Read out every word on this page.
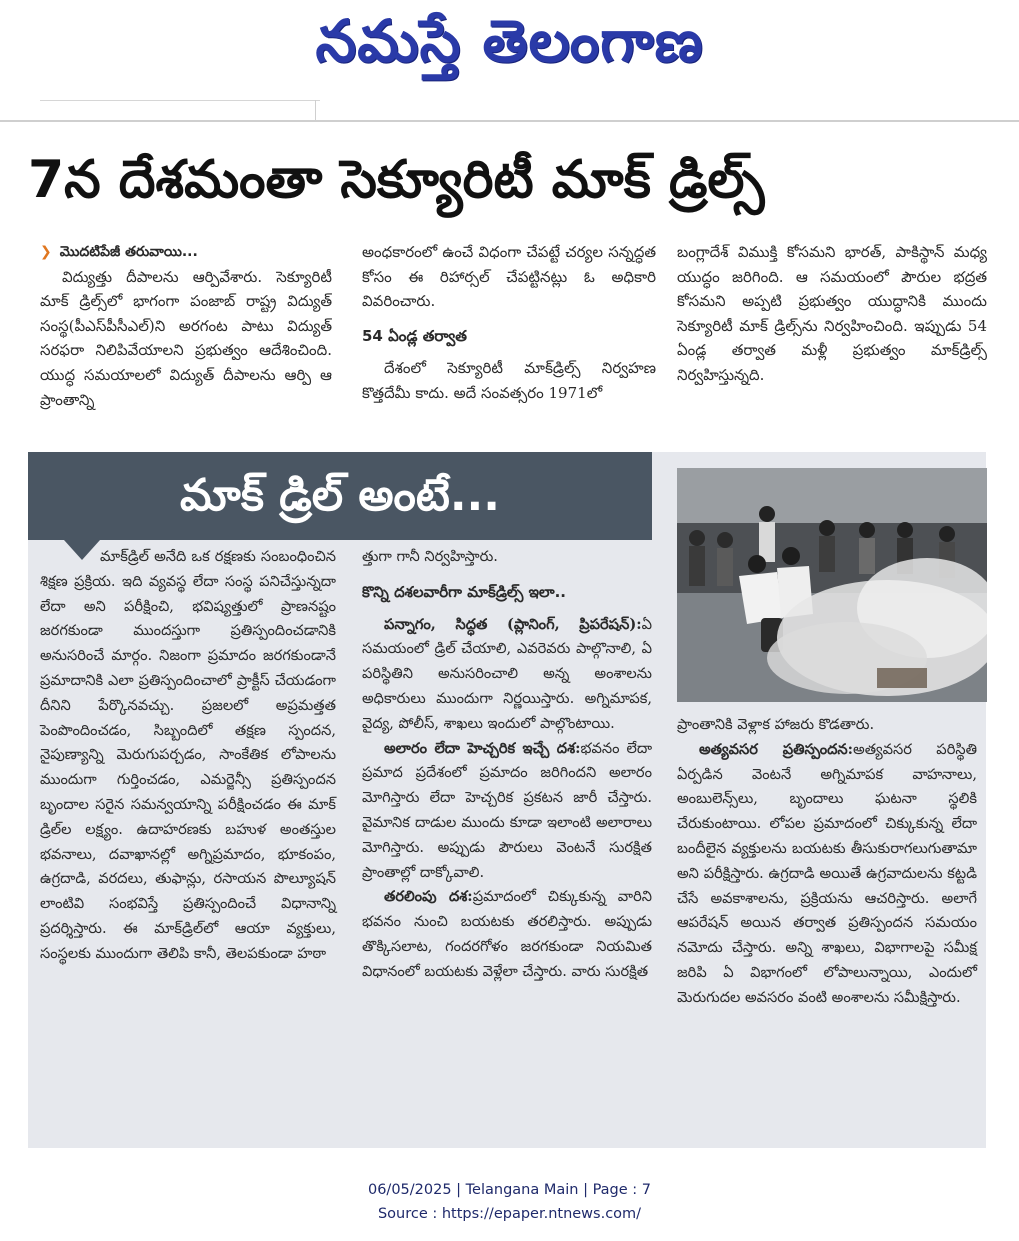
నమస్తే తెలంగాణ
7న దేశమంతా సెక్యూరిటీ మాక్ డ్రిల్స్

❯ మొదటిపేజీ తరువాయి...

విద్యుత్తు దీపాలను ఆర్పివేశారు. సెక్యూరిటీ మాక్ డ్రిల్స్‌లో భాగంగా పంజాబ్ రాష్ట్ర విద్యుత్ సంస్థ(పీఎస్‌పీసీఎల్)ని అరగంట పాటు విద్యుత్ సరఫరా నిలిపివేయాలని ప్రభుత్వం ఆదేశించింది. యుద్ధ సమయాలలో విద్యుత్ దీపాలను ఆర్పి ఆ ప్రాంతాన్ని

అంధకారంలో ఉంచే విధంగా చేపట్టే చర్యల సన్నద్ధత కోసం ఈ రిహార్సల్ చేపట్టినట్లు ఓ అధికారి వివరించారు.

54 ఏండ్ల తర్వాత

దేశంలో సెక్యూరిటీ మాక్‌డ్రిల్స్ నిర్వహణ కొత్తదేమీ కాదు. అదే సంవత్సరం 1971లో

బంగ్లాదేశ్ విముక్తి కోసమని భారత్, పాకిస్థాన్ మధ్య యుద్ధం జరిగింది. ఆ సమయంలో పౌరుల భద్రత కోసమని అప్పటి ప్రభుత్వం యుద్ధానికి ముందు సెక్యూరిటీ మాక్ డ్రిల్స్‌ను నిర్వహించింది. ఇప్పుడు 54 ఏండ్ల తర్వాత మళ్లీ ప్రభుత్వం మాక్‌డ్రిల్స్ నిర్వహిస్తున్నది.

మాక్ డ్రిల్ అంటే...

మాక్‌డ్రిల్ అనేది ఒక రక్షణకు సంబంధించిన శిక్షణ ప్రక్రియ. ఇది వ్యవస్థ లేదా సంస్థ పనిచేస్తున్నదా లేదా అని పరీక్షించి, భవిష్యత్తులో ప్రాణనష్టం జరగకుండా ముందస్తుగా ప్రతిస్పందించడానికి అనుసరించే మార్గం. నిజంగా ప్రమాదం జరగకుండానే ప్రమాదానికి ఎలా ప్రతిస్పందించాలో ప్రాక్టీస్ చేయడంగా దీనిని పేర్కొనవచ్చు. ప్రజలలో అప్రమత్తత పెంపొందించడం, సిబ్బందిలో తక్షణ స్పందన, నైపుణ్యాన్ని మెరుగుపర్చడం, సాంకేతిక లోపాలను ముందుగా గుర్తించడం, ఎమర్జెన్సీ ప్రతిస్పందన బృందాల సరైన సమన్వయాన్ని పరీక్షించడం ఈ మాక్ డ్రిల్‌ల లక్ష్యం. ఉదాహరణకు బహుళ అంతస్తుల భవనాలు, దవాఖానల్లో అగ్నిప్రమాదం, భూకంపం, ఉగ్రదాడి, వరదలు, తుఫాన్లు, రసాయన పొల్యూషన్ లాంటివి సంభవిస్తే ప్రతిస్పందించే విధానాన్ని ప్రదర్శిస్తారు. ఈ మాక్‌డ్రిల్‌లో ఆయా వ్యక్తులు, సంస్థలకు ముందుగా తెలిపి కానీ, తెలపకుండా హఠా

త్తుగా గానీ నిర్వహిస్తారు.

కొన్ని దశలవారీగా మాక్‌డ్రిల్స్ ఇలా..

పన్నాగం, సిద్ధత (ప్లానింగ్, ప్రిపరేషన్):ఏ సమయంలో డ్రిల్ చేయాలి, ఎవరెవరు పాల్గొనాలి, ఏ పరిస్థితిని అనుసరించాలి అన్న అంశాలను అధికారులు ముందుగా నిర్ణయిస్తారు. అగ్నిమాపక, వైద్య, పోలీస్, శాఖలు ఇందులో పాల్గొంటాయి.

అలారం లేదా హెచ్చరిక ఇచ్చే దశ:భవనం లేదా ప్రమాద ప్రదేశంలో ప్రమాదం జరిగిందని అలారం మోగిస్తారు లేదా హెచ్చరిక ప్రకటన జారీ చేస్తారు. వైమానిక దాడుల ముందు కూడా ఇలాంటి అలారాలు మోగిస్తారు. అప్పుడు పౌరులు వెంటనే సురక్షిత ప్రాంతాల్లో దాక్కోవాలి.

తరలింపు దశ:ప్రమాదంలో చిక్కుకున్న వారిని భవనం నుంచి బయటకు తరలిస్తారు. అప్పుడు తొక్కిసలాట, గందరగోళం జరగకుండా నియమిత విధానంలో బయటకు వెళ్లేలా చేస్తారు. వారు సురక్షిత

ప్రాంతానికి వెళ్లాక హాజరు కొడతారు.

అత్యవసర ప్రతిస్పందన:అత్యవసర పరిస్థితి ఏర్పడిన వెంటనే అగ్నిమాపక వాహనాలు, అంబులెన్స్‌లు, బృందాలు ఘటనా స్థలికి చేరుకుంటాయి. లోపల ప్రమాదంలో చిక్కుకున్న లేదా బందీలైన వ్యక్తులను బయటకు తీసుకురాగలుగుతామా అని పరీక్షిస్తారు. ఉగ్రదాడి అయితే ఉగ్రవాదులను కట్టడి చేసే అవకాశాలను, ప్రక్రియను ఆచరిస్తారు. అలాగే ఆపరేషన్ అయిన తర్వాత ప్రతిస్పందన సమయం నమోదు చేస్తారు. అన్ని శాఖలు, విభాగాలపై సమీక్ష జరిపి ఏ విభాగంలో లోపాలున్నాయి, ఎందులో మెరుగుదల అవసరం వంటి అంశాలను సమీక్షిస్తారు.

06/05/2025 | Telangana Main | Page : 7
Source : https://epaper.ntnews.com/
